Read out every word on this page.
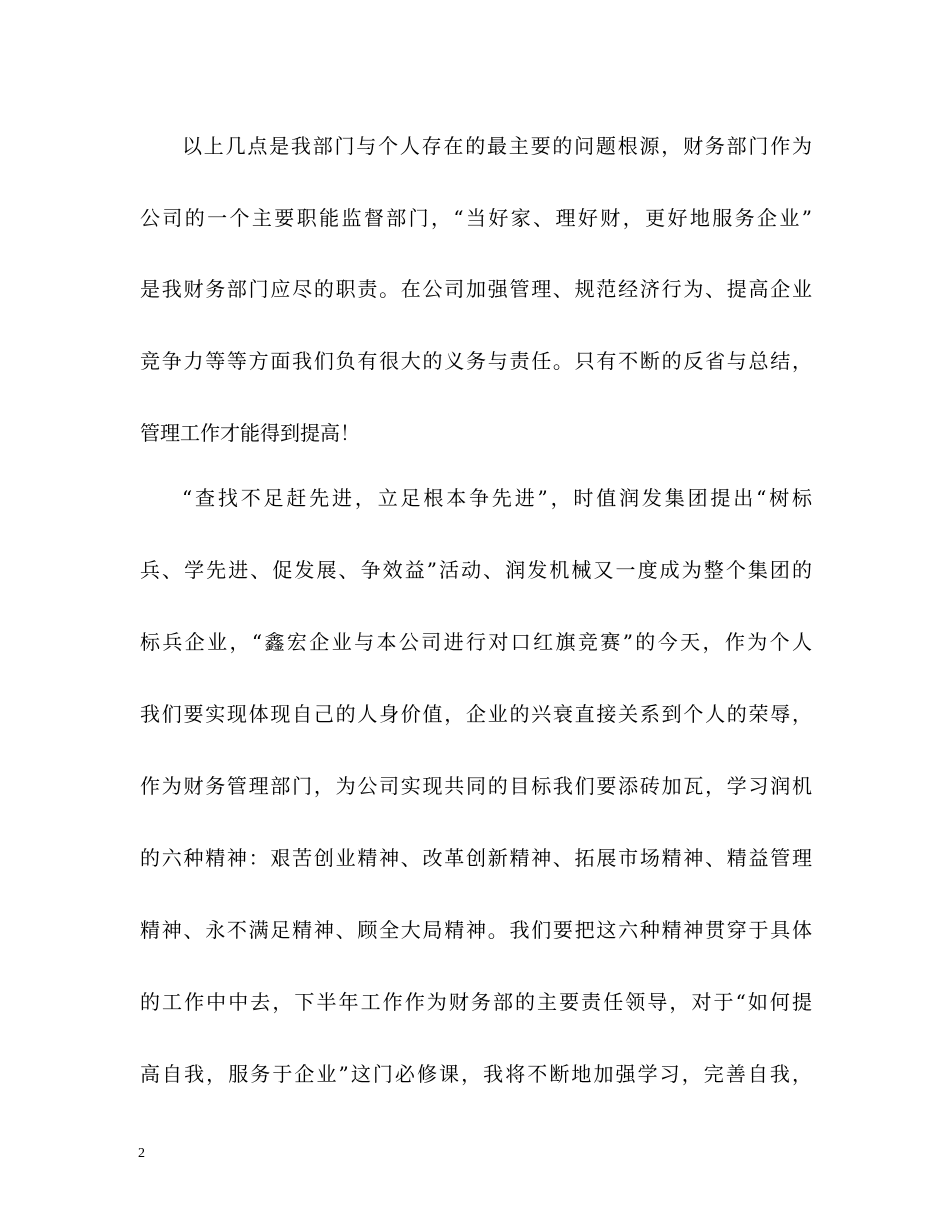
以上几点是我部门与个人存在的最主要的问题根源，财务部门作为
公司的一个主要职能监督部门，“当好家、理好财，更好地服务企业”
是我财务部门应尽的职责。在公司加强管理、规范经济行为、提高企业
竞争力等等方面我们负有很大的义务与责任。只有不断的反省与总结，
管理工作才能得到提高！
“查找不足赶先进，立足根本争先进”，时值润发集团提出“树标
兵、学先进、促发展、争效益”活动、润发机械又一度成为整个集团的
标兵企业，“鑫宏企业与本公司进行对口红旗竞赛”的今天，作为个人
我们要实现体现自己的人身价值，企业的兴衰直接关系到个人的荣辱，
作为财务管理部门，为公司实现共同的目标我们要添砖加瓦，学习润机
的六种精神：艰苦创业精神、改革创新精神、拓展市场精神、精益管理
精神、永不满足精神、顾全大局精神。我们要把这六种精神贯穿于具体
的工作中中去，下半年工作作为财务部的主要责任领导，对于“如何提
高自我，服务于企业”这门必修课，我将不断地加强学习，完善自我，
2
